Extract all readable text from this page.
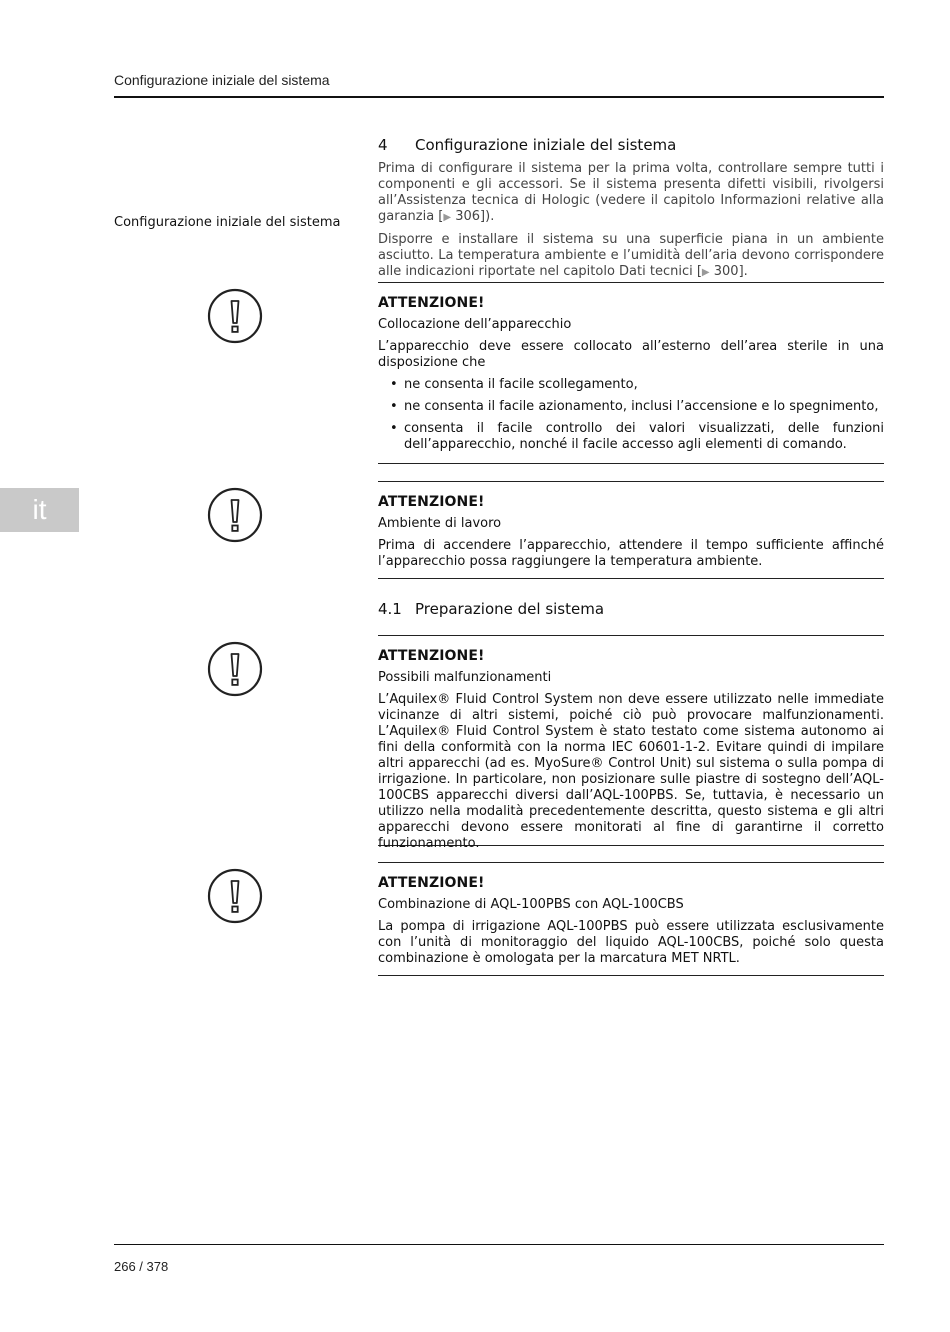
Configurazione iniziale del sistema
it
Configurazione iniziale del sistema
4 Configurazione iniziale del sistema

Prima di configurare il sistema per la prima volta, controllare sempre tutti i componenti e gli accessori. Se il sistema presenta difetti visibili, rivolgersi all’Assistenza tecnica di Hologic (vedere il capitolo Informazioni relative alla garanzia [▶ 306]).

Disporre e installare il sistema su una superficie piana in un ambiente asciutto. La temperatura ambiente e l’umidità dell’aria devono corrispondere alle indicazioni riportate nel capitolo Dati tecnici [▶ 300].

ATTENZIONE!
Collocazione dell’apparecchio

L’apparecchio deve essere collocato all’esterno dell’area sterile in una disposizione che

• ne consenta il facile scollegamento,
• ne consenta il facile azionamento, inclusi l’accensione e lo spegnimento,
• consenta il facile controllo dei valori visualizzati, delle funzioni dell’apparecchio, nonché il facile accesso agli elementi di comando.
ATTENZIONE!
Ambiente di lavoro

Prima di accendere l’apparecchio, attendere il tempo sufficiente affinché l’apparecchio possa raggiungere la temperatura ambiente.

4.1 Preparazione del sistema
ATTENZIONE!
Possibili malfunzionamenti

L’Aquilex® Fluid Control System non deve essere utilizzato nelle immediate vicinanze di altri sistemi, poiché ciò può provocare malfunzionamenti. L’Aquilex® Fluid Control System è stato testato come sistema autonomo ai fini della conformità con la norma IEC 60601-1-2. Evitare quindi di impilare altri apparecchi (ad es. MyoSure® Control Unit) sul sistema o sulla pompa di irrigazione. In particolare, non posizionare sulle piastre di sostegno dell’AQL-100CBS apparecchi diversi dall’AQL-100PBS. Se, tuttavia, è necessario un utilizzo nella modalità precedentemente descritta, questo sistema e gli altri apparecchi devono essere monitorati al fine di garantirne il corretto funzionamento.

ATTENZIONE!
Combinazione di AQL-100PBS con AQL-100CBS

La pompa di irrigazione AQL-100PBS può essere utilizzata esclusivamente con l’unità di monitoraggio del liquido AQL-100CBS, poiché solo questa combinazione è omologata per la marcatura MET NRTL.

266 / 378
